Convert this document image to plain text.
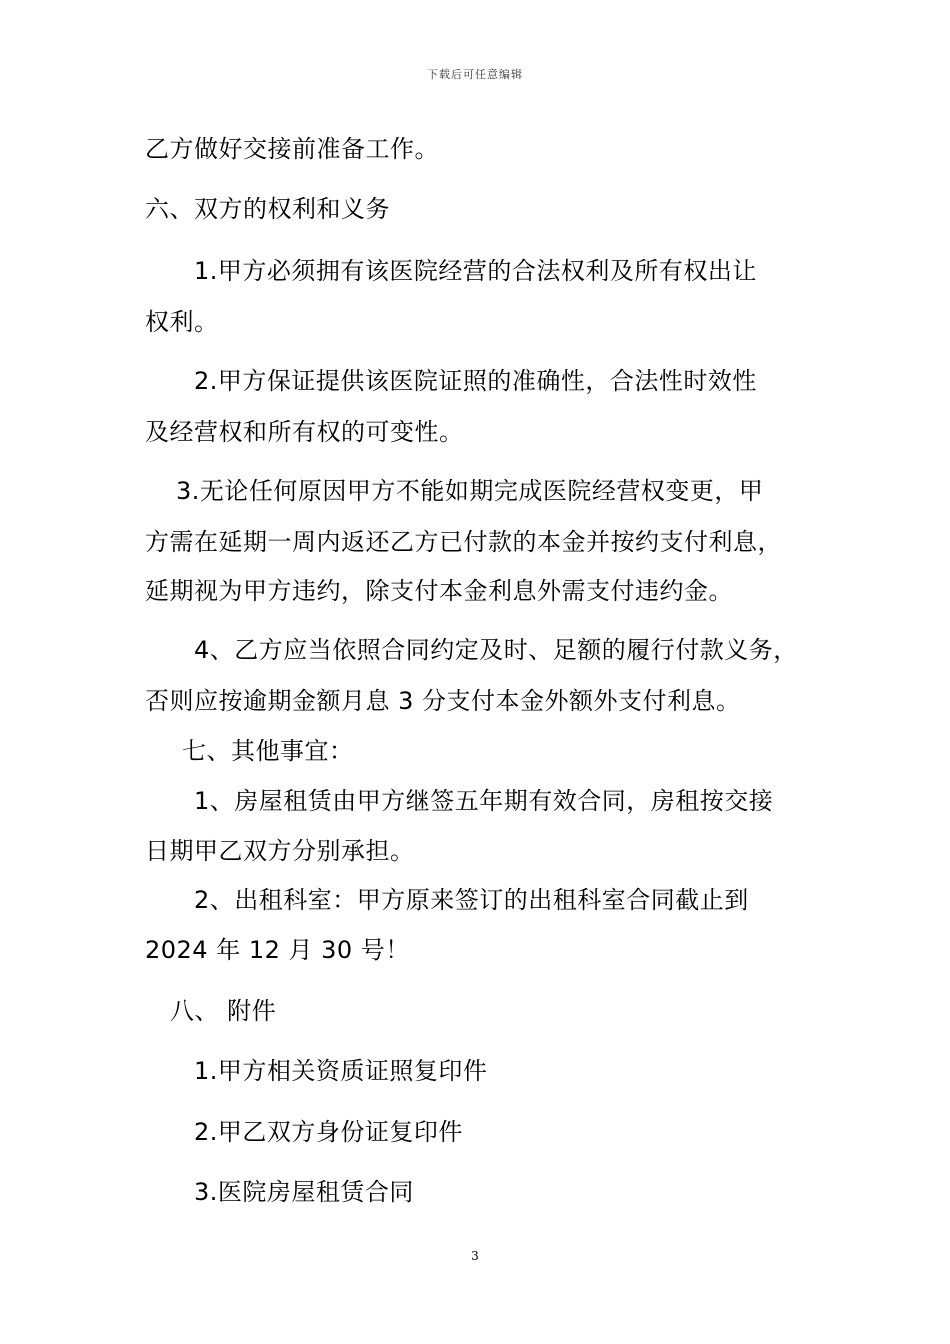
下载后可任意编辑
乙方做好交接前准备工作。
六、双方的权利和义务
1.甲方必须拥有该医院经营的合法权利及所有权出让
权利。
2.甲方保证提供该医院证照的准确性，合法性时效性
及经营权和所有权的可变性。
3.无论任何原因甲方不能如期完成医院经营权变更，甲
方需在延期一周内返还乙方已付款的本金并按约支付利息，
延期视为甲方违约，除支付本金利息外需支付违约金。
4、乙方应当依照合同约定及时、足额的履行付款义务，
否则应按逾期金额月息 3 分支付本金外额外支付利息。
七、其他事宜：
1、房屋租赁由甲方继签五年期有效合同，房租按交接
日期甲乙双方分别承担。
2、出租科室：甲方原来签订的出租科室合同截止到
2024 年 12 月 30 号！
八、 附件
1.甲方相关资质证照复印件
2.甲乙双方身份证复印件
3.医院房屋租赁合同
3
